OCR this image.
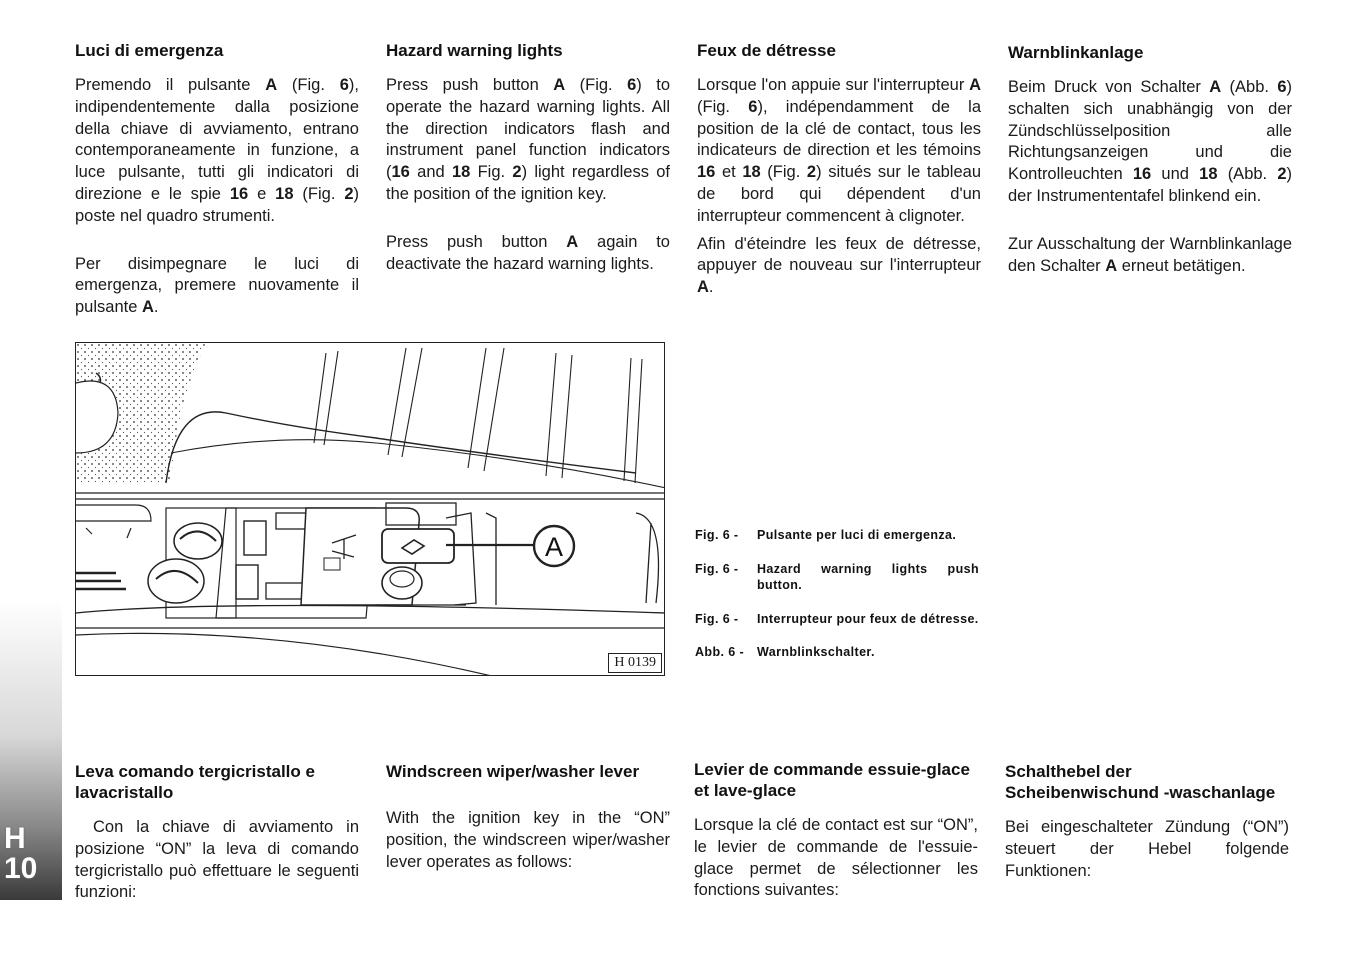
Luci di emergenza

Premendo il pulsante A (Fig. 6), indipendentemente dalla posizione della chiave di avviamento, entrano contemporaneamente in funzione, a luce pulsante, tutti gli indicatori di direzione e le spie 16 e 18 (Fig. 2) poste nel quadro strumenti.

Per disimpegnare le luci di emergenza, premere nuovamente il pulsante A.

Hazard warning lights

Press push button A (Fig. 6) to operate the hazard warning lights. All the direction indicators flash and instrument panel function indicators (16 and 18 Fig. 2) light regardless of the position of the ignition key.

Press push button A again to deactivate the hazard warning lights.

Feux de détresse

Lorsque l'on appuie sur l'interrupteur A (Fig. 6), indépendamment de la position de la clé de contact, tous les indicateurs de direction et les témoins 16 et 18 (Fig. 2) situés sur le tableau de bord qui dépendent d'un interrupteur commencent à clignoter.

Afin d'éteindre les feux de détresse, appuyer de nouveau sur l'interrupteur A.

Warnblinkanlage

Beim Druck von Schalter A (Abb. 6) schalten sich unabhängig von der Zündschlüsselposition alle Richtungsanzeigen und die Kontrolleuchten 16 und 18 (Abb. 2) der Instrumententafel blinkend ein.

Zur Ausschaltung der Warnblinkanlage den Schalter A erneut betätigen.

A
H 0139
Fig. 6 -	Pulsante per luci di emergenza.
Fig. 6 -	Hazard warning lights push button.
Fig. 6 -	Interrupteur pour feux de détresse.
Abb. 6 -	Warnblinkschalter.
Leva comando tergicristallo e lavacristallo

Con la chiave di avviamento in posizione “ON” la leva di comando tergicristallo può effettuare le seguenti funzioni:

Windscreen wiper/washer lever

With the ignition key in the “ON” position, the windscreen wiper/washer lever operates as follows:

Levier de commande essuie-glace et lave-glace

Lorsque la clé de contact est sur “ON”, le levier de commande de l'essuie-glace permet de sélectionner les fonctions suivantes:

Schalthebel der Scheibenwischund -waschanlage

Bei eingeschalteter Zündung (“ON”) steuert der Hebel folgende Funktionen:

H
10
